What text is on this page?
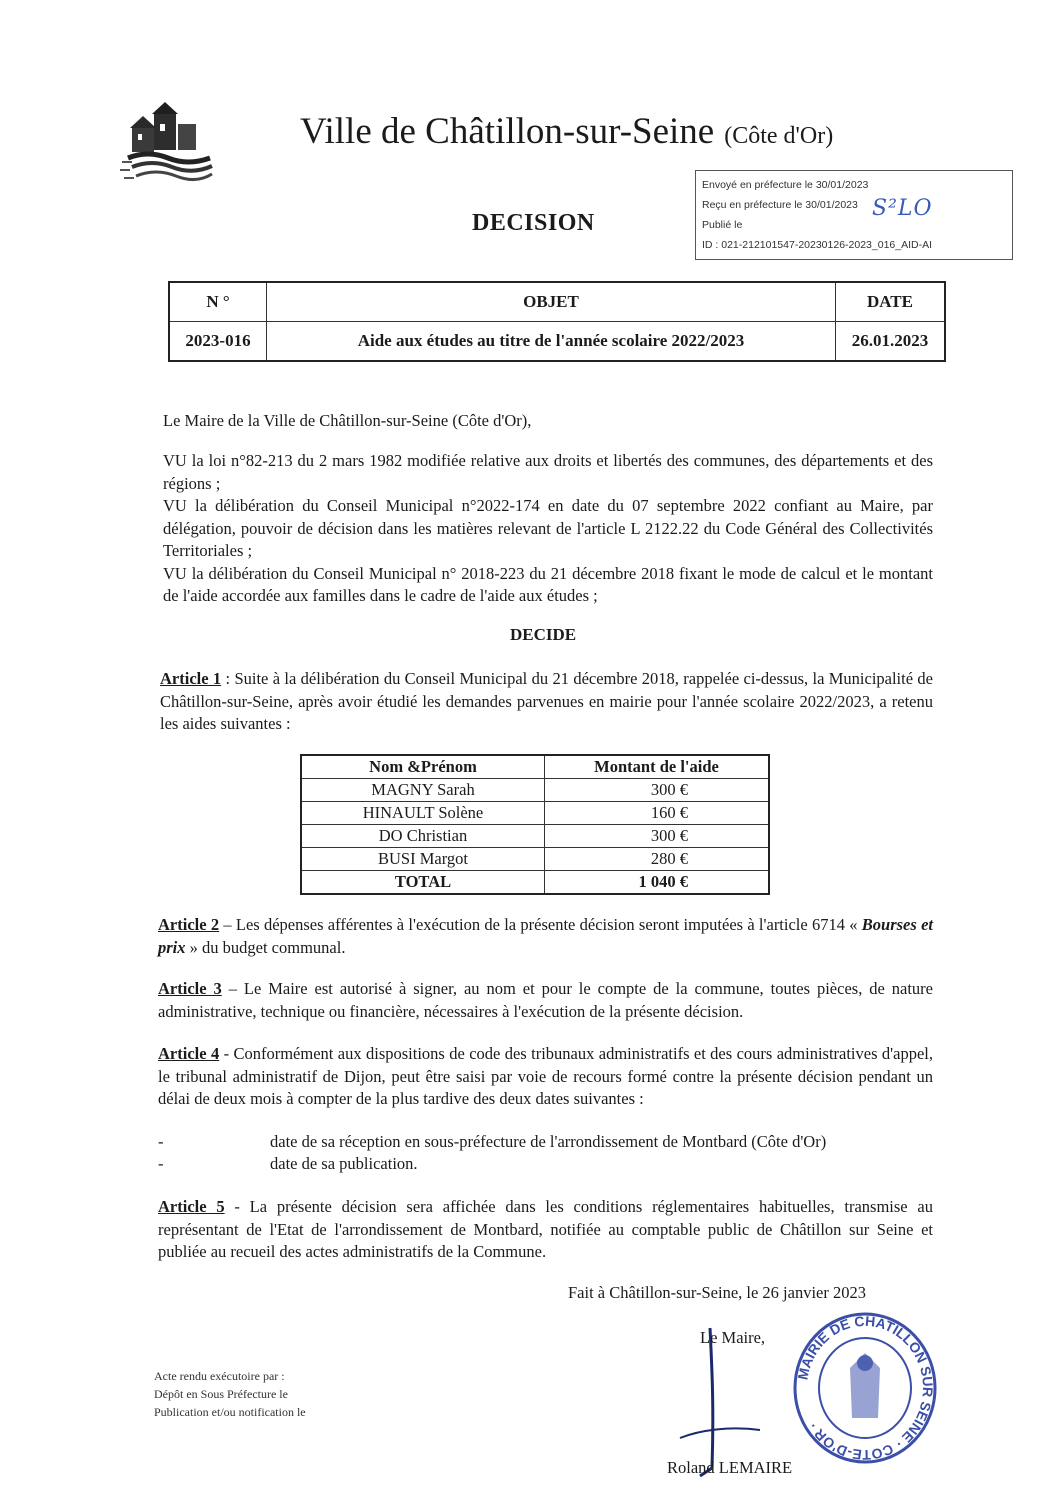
Ville de Châtillon-sur-Seine (Côte d'Or)
Envoyé en préfecture le 30/01/2023
Reçu en préfecture le 30/01/2023
Publié le
ID : 021-212101547-20230126-2023_016_AID-AI
S²LO
DECISION
N °	OBJET	DATE
2023-016	Aide aux études au titre de l'année scolaire 2022/2023	26.01.2023
Le Maire de la Ville de Châtillon-sur-Seine (Côte d'Or),
VU la loi n°82-213 du 2 mars 1982 modifiée relative aux droits et libertés des communes, des départements et des régions ;
VU la délibération du Conseil Municipal n°2022-174 en date du 07 septembre 2022 confiant au Maire, par délégation, pouvoir de décision dans les matières relevant de l'article L 2122.22 du Code Général des Collectivités Territoriales ;
VU la délibération du Conseil Municipal n° 2018-223 du 21 décembre 2018 fixant le mode de calcul et le montant de l'aide accordée aux familles dans le cadre de l'aide aux études ;
DECIDE
Article 1 : Suite à la délibération du Conseil Municipal du 21 décembre 2018, rappelée ci-dessus, la Municipalité de Châtillon-sur-Seine, après avoir étudié les demandes parvenues en mairie pour l'année scolaire 2022/2023, a retenu les aides suivantes :
Nom &Prénom	Montant de l'aide
MAGNY Sarah	300 €
HINAULT Solène	160 €
DO Christian	300 €
BUSI Margot	280 €
TOTAL	1 040 €
Article 2 – Les dépenses afférentes à l'exécution de la présente décision seront imputées à l'article 6714 « Bourses et prix » du budget communal.
Article 3 – Le Maire est autorisé à signer, au nom et pour le compte de la commune, toutes pièces, de nature administrative, technique ou financière, nécessaires à l'exécution de la présente décision.
Article 4 - Conformément aux dispositions de code des tribunaux administratifs et des cours administratives d'appel, le tribunal administratif de Dijon, peut être saisi par voie de recours formé contre la présente décision pendant un délai de deux mois à compter de la plus tardive des deux dates suivantes :
-	date de sa réception en sous-préfecture de l'arrondissement de Montbard (Côte d'Or)
-	date de sa publication.
Article 5 - La présente décision sera affichée dans les conditions réglementaires habituelles, transmise au représentant de l'Etat de l'arrondissement de Montbard, notifiée au comptable public de Châtillon sur Seine et publiée au recueil des actes administratifs de la Commune.
Fait à Châtillon-sur-Seine, le 26 janvier 2023
Le Maire,
Roland LEMAIRE
MAIRIE DE CHATILLON SUR SEINE · COTE-D'OR ·
Acte rendu exécutoire par :
Dépôt en Sous Préfecture le
Publication et/ou notification le
